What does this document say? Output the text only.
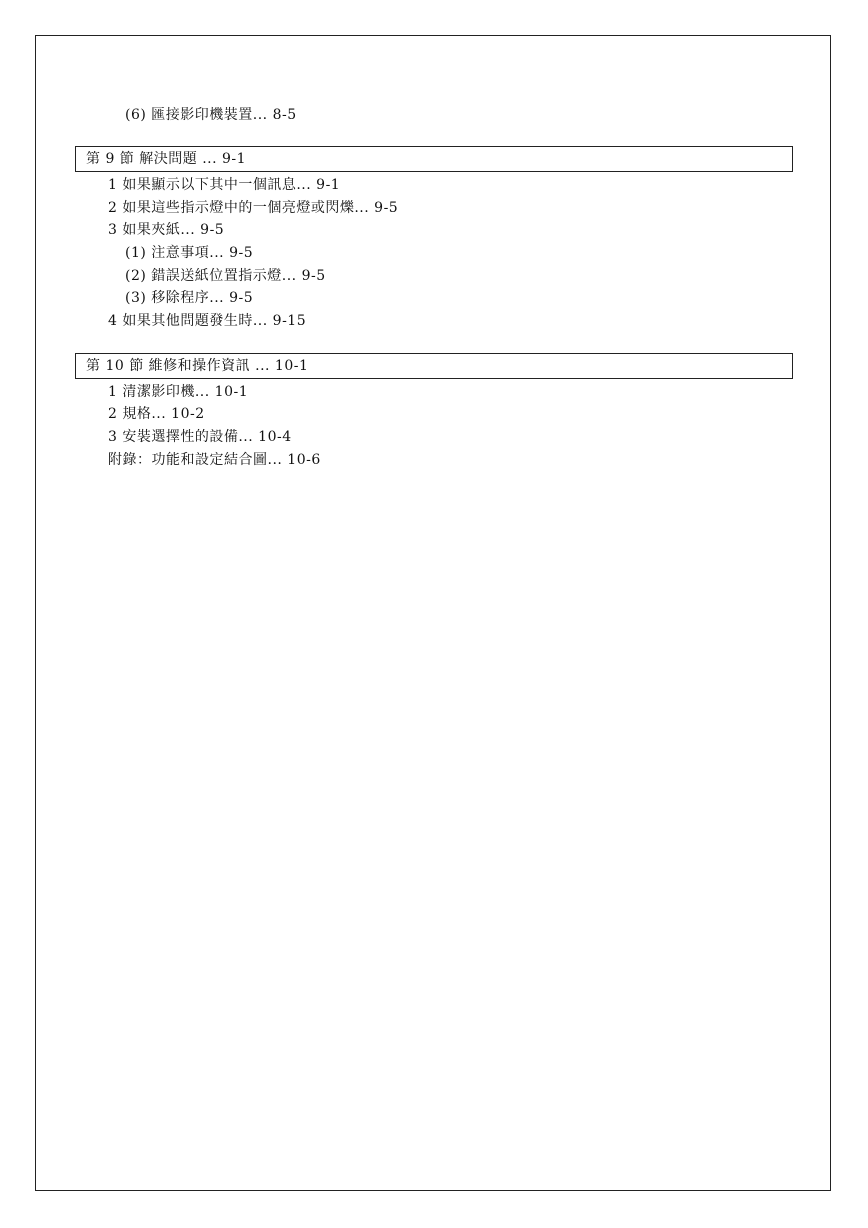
(6) 匯接影印機裝置... 8-5
第 9 節 解決問題 ... 9-1
1 如果顯示以下其中一個訊息... 9-1
2 如果這些指示燈中的一個亮燈或閃爍... 9-5
3 如果夾紙... 9-5
(1) 注意事項... 9-5
(2) 錯誤送紙位置指示燈... 9-5
(3) 移除程序... 9-5
4 如果其他問題發生時... 9-15
第 10 節 維修和操作資訊 ... 10-1
1 清潔影印機... 10-1
2 規格... 10-2
3 安裝選擇性的設備... 10-4
附錄：功能和設定結合圖... 10-6
